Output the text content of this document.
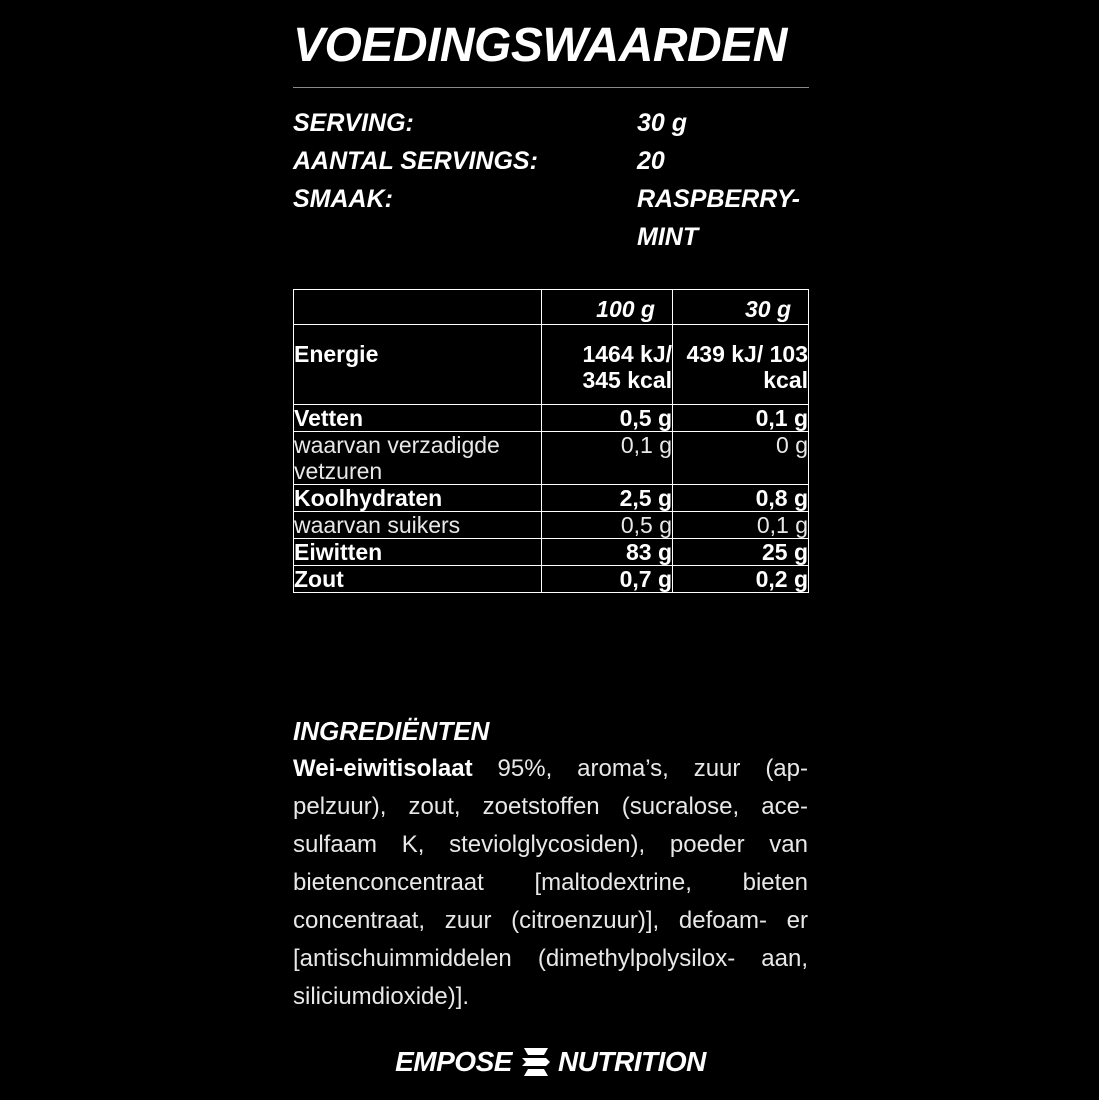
VOEDINGSWAARDEN
SERVING:	30 g
AANTAL SERVINGS:	20
SMAAK:	RASPBERRY-MINT
	100 g	30 g
Energie	1464 kJ/ 345 kcal	439 kJ/ 103 kcal
Vetten	0,5 g	0,1 g
waarvan verzadigde vetzuren	0,1 g	0 g
Koolhydraten	2,5 g	0,8 g
waarvan suikers	0,5 g	0,1 g
Eiwitten	83 g	25 g
Zout	0,7 g	0,2 g
INGREDIËNTEN
Wei-eiwitisolaat 95%, aroma’s, zuur (ap- pelzuur), zout, zoetstoffen (sucralose, ace- sulfaam K, steviolglycosiden), poeder van bietenconcentraat [maltodextrine, bieten concentraat, zuur (citroenzuur)], defoam- er [antischuimmiddelen (dimethylpolysilox- aan, siliciumdioxide)].
EMPOSE NUTRITION
